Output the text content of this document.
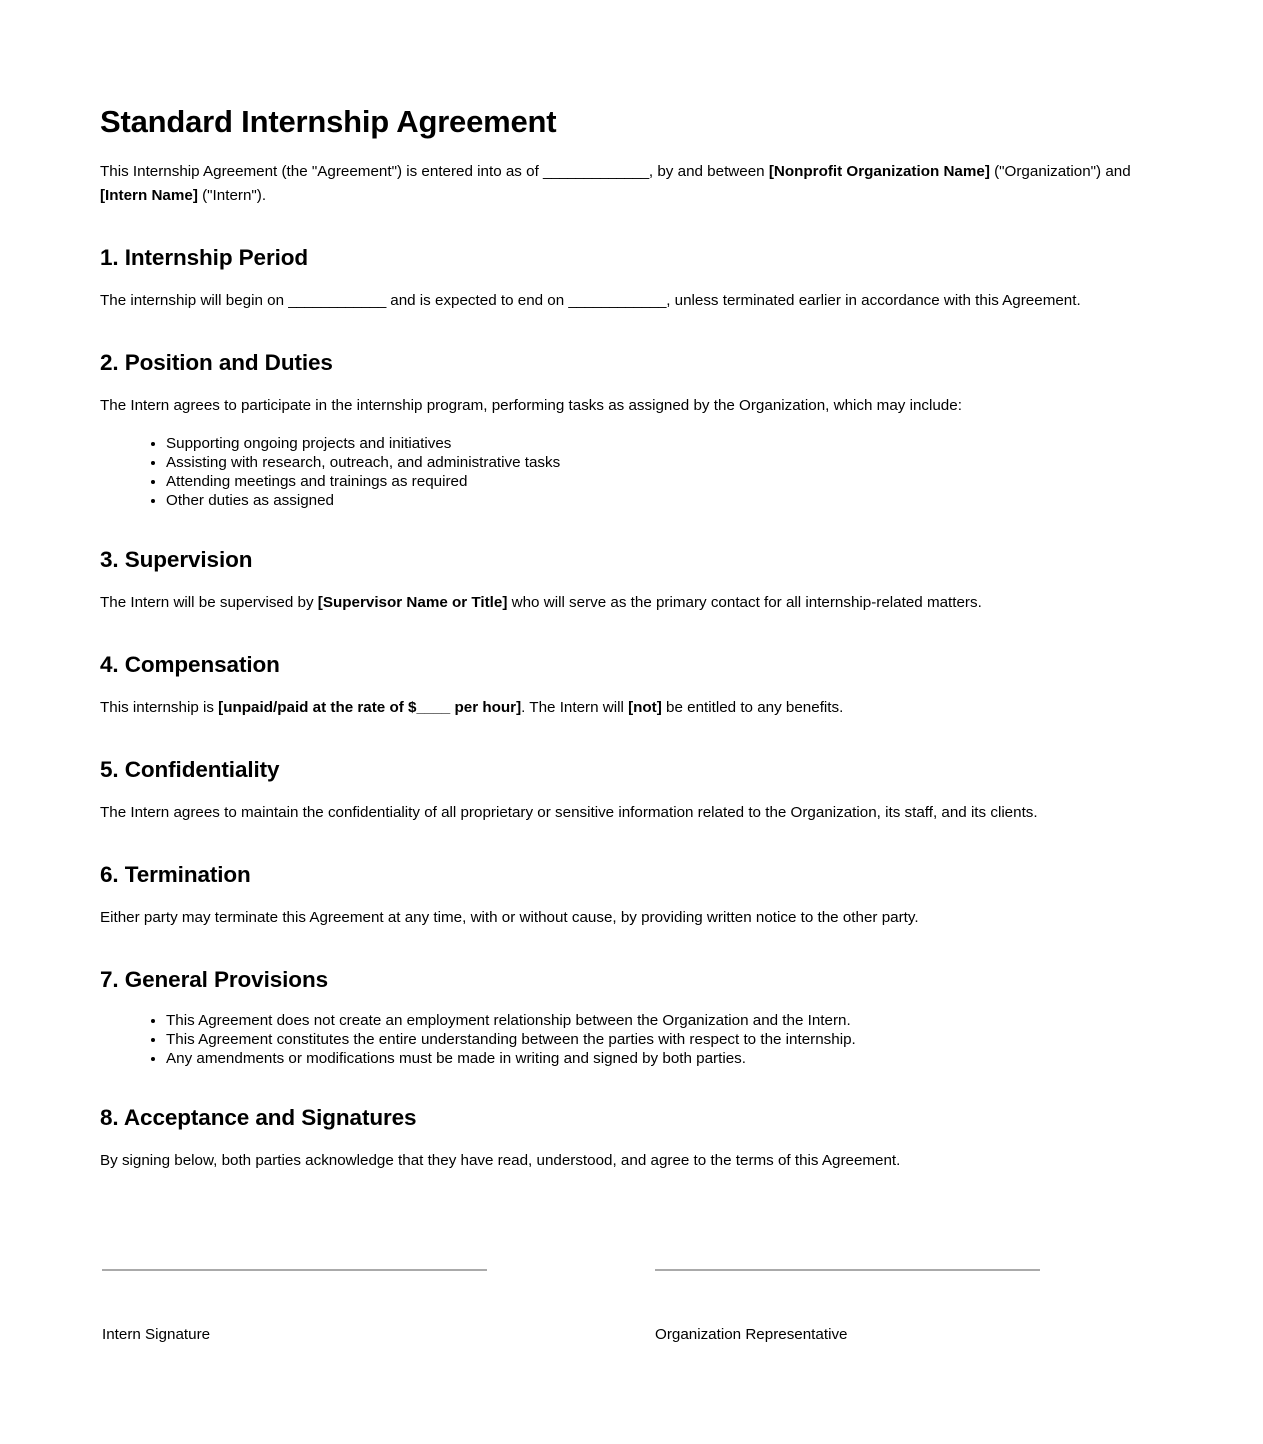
Standard Internship Agreement

This Internship Agreement (the "Agreement") is entered into as of _____________, by and between [Nonprofit Organization Name] ("Organization") and [Intern Name] ("Intern").

1. Internship Period
The internship will begin on ____________ and is expected to end on ____________, unless terminated earlier in accordance with this Agreement.
2. Position and Duties
The Intern agrees to participate in the internship program, performing tasks as assigned by the Organization, which may include:
• Supporting ongoing projects and initiatives
• Assisting with research, outreach, and administrative tasks
• Attending meetings and trainings as required
• Other duties as assigned
3. Supervision
The Intern will be supervised by [Supervisor Name or Title] who will serve as the primary contact for all internship-related matters.
4. Compensation
This internship is [unpaid/paid at the rate of $____ per hour]. The Intern will [not] be entitled to any benefits.
5. Confidentiality
The Intern agrees to maintain the confidentiality of all proprietary or sensitive information related to the Organization, its staff, and its clients.
6. Termination
Either party may terminate this Agreement at any time, with or without cause, by providing written notice to the other party.
7. General Provisions
• This Agreement does not create an employment relationship between the Organization and the Intern.
• This Agreement constitutes the entire understanding between the parties with respect to the internship.
• Any amendments or modifications must be made in writing and signed by both parties.
8. Acceptance and Signatures
By signing below, both parties acknowledge that they have read, understood, and agree to the terms of this Agreement.
Intern Signature	Organization Representative
